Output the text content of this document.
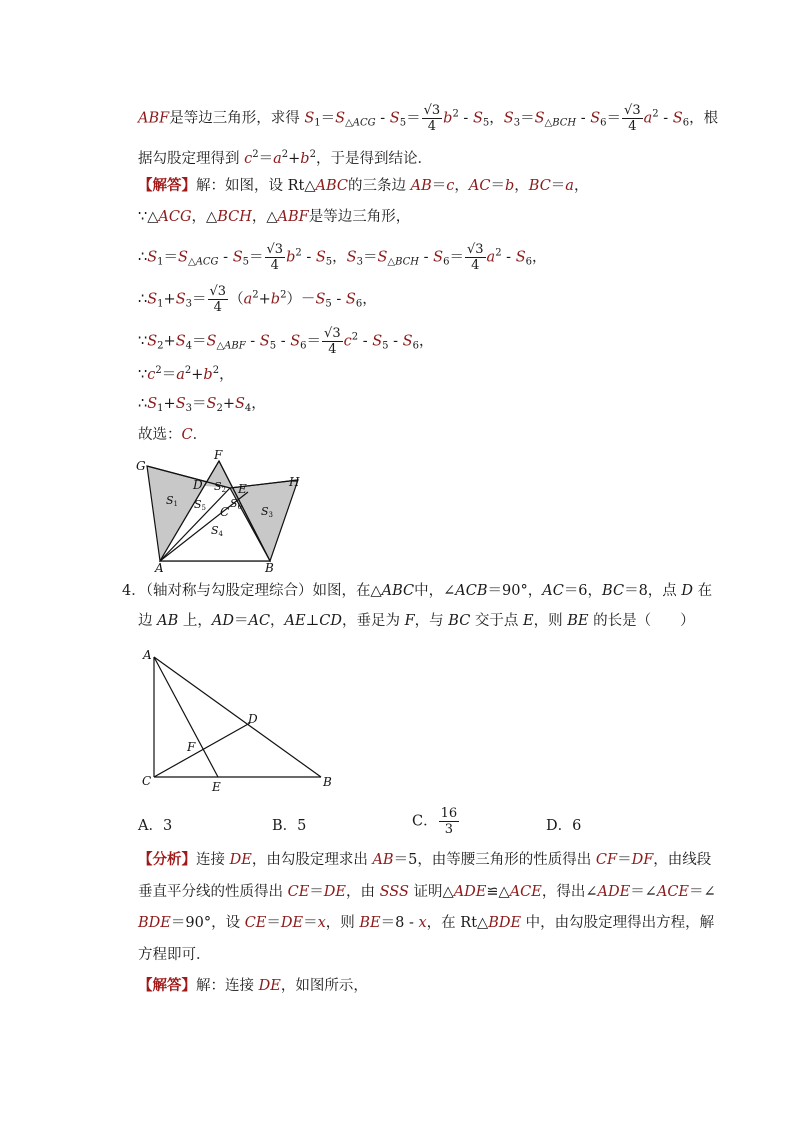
ABF是等边三角形，求得 $S_1=S_{\triangle ACG} - S_5= \frac{√3}{4} b^2 - S_5$，$S_3=S_{\triangle BCH} - S_6= \frac{√3}{4} a^2 - S_6$，根
据勾股定理得到 $c^2=a^2+b^2$，于是得到结论．
【解答】解：如图，设 Rt△ABC的三条边 AB＝c，AC＝b，BC＝a，
∵△ACG，△BCH，△ABF是等边三角形，
$\therefore S_1=S_{\triangle ACG} - S_5= \frac{√3}{4} b^2 - S_5$，$S_3=S_{\triangle BCH} - S_6= \frac{√3}{4} a^2 - S_6$，
$\therefore S_1+S_3= \frac{√3}{4} (a^2+b^2)-S_5 - S_6$，
$\because S_2+S_4=S_{\triangle ABF} - S_5 - S_6= \frac{√3}{4} c^2 - S_5 - S_6$，
$\because c^2=a^2+b^2$，
$\therefore S_1+S_3=S_2+S_4$，
故选：C．
G
F
H
D	E
C
A	B
S1
S2
S3
S4
S5 S6
4．（轴对称与勾股定理综合）如图，在△ABC中，∠ACB＝90°，AC＝6，BC＝8，点 D 在
边 AB 上，AD＝AC，AE⊥CD，垂足为 F，与 BC 交于点 E，则 BE 的长是（　　）
A
B
C
D
E
F
A．3	B．5	C． $\frac{16}{3}$	D．6
【分析】连接 DE，由勾股定理求出 AB＝5，由等腰三角形的性质得出 CF＝DF，由线段
垂直平分线的性质得出 CE＝DE，由 SSS 证明△ADE≌△ACE，得出∠ADE＝∠ACE＝∠
BDE＝90°，设 CE＝DE＝x，则 BE＝8 - x，在 Rt△BDE 中，由勾股定理得出方程，解
方程即可．
【解答】解：连接 DE，如图所示，
